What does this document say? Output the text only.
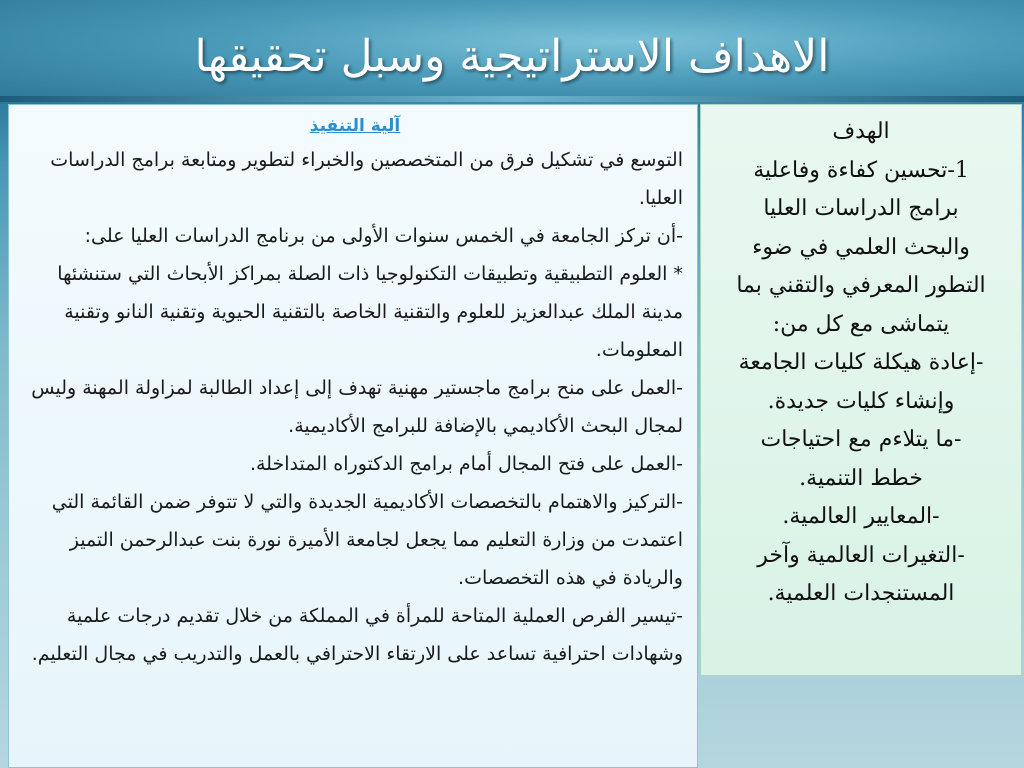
الاهداف الاستراتيجية وسبل تحقيقها
آلية التنفيذ
التوسع في تشكيل فرق من المتخصصين والخبراء لتطوير ومتابعة برامج الدراسات العليا.
-أن تركز الجامعة في الخمس سنوات الأولى من برنامج الدراسات العليا على:
* العلوم التطبيقية وتطبيقات التكنولوجيا ذات الصلة بمراكز الأبحاث التي ستنشئها مدينة الملك عبدالعزيز للعلوم والتقنية الخاصة بالتقنية الحيوية وتقنية النانو وتقنية المعلومات.
-العمل على منح برامج ماجستير مهنية تهدف إلى إعداد الطالبة لمزاولة المهنة وليس لمجال البحث الأكاديمي بالإضافة للبرامج الأكاديمية.
-العمل على فتح المجال أمام برامج الدكتوراه المتداخلة.
-التركيز والاهتمام بالتخصصات الأكاديمية الجديدة والتي لا تتوفر ضمن القائمة التي اعتمدت من وزارة التعليم مما يجعل لجامعة الأميرة نورة بنت عبدالرحمن التميز والريادة في هذه التخصصات.
-تيسير الفرص العملية المتاحة للمرأة في المملكة من خلال تقديم درجات علمية وشهادات احترافية تساعد على الارتقاء الاحترافي بالعمل والتدريب في مجال التعليم.
الهدف
1-تحسين كفاءة وفاعلية
برامج الدراسات العليا
والبحث العلمي في ضوء
التطور المعرفي والتقني بما
يتماشى مع كل من:
-إعادة هيكلة كليات الجامعة
وإنشاء كليات جديدة.
-ما يتلاءم مع احتياجات
خطط التنمية.
-المعايير العالمية.
-التغيرات العالمية وآخر
المستنجدات العلمية.
